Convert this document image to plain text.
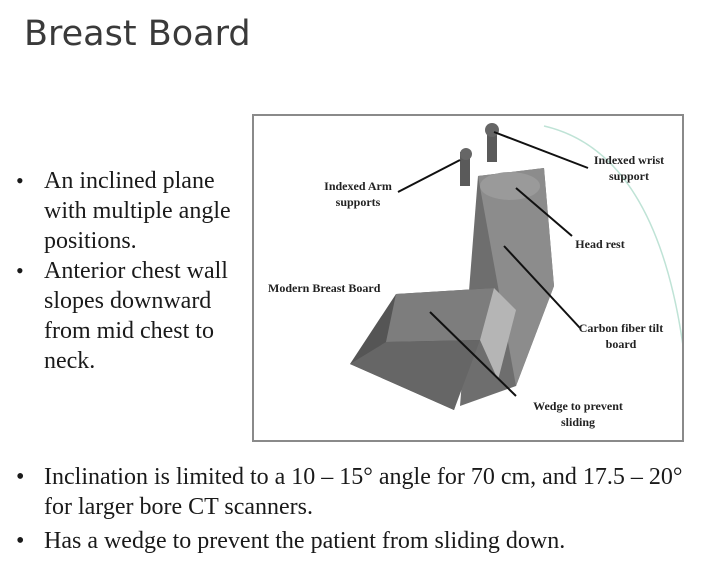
Breast Board
• An inclined plane with multiple angle positions.
• Anterior chest wall slopes downward from mid chest to neck.
Indexed Arm supports
Indexed wrist support
Head rest
Modern Breast Board
Carbon fiber tilt board
Wedge to prevent sliding
• Inclination is limited to a 10 – 15° angle for 70 cm, and 17.5 – 20° for larger bore CT scanners.
• Has a wedge to prevent the patient from sliding down.
